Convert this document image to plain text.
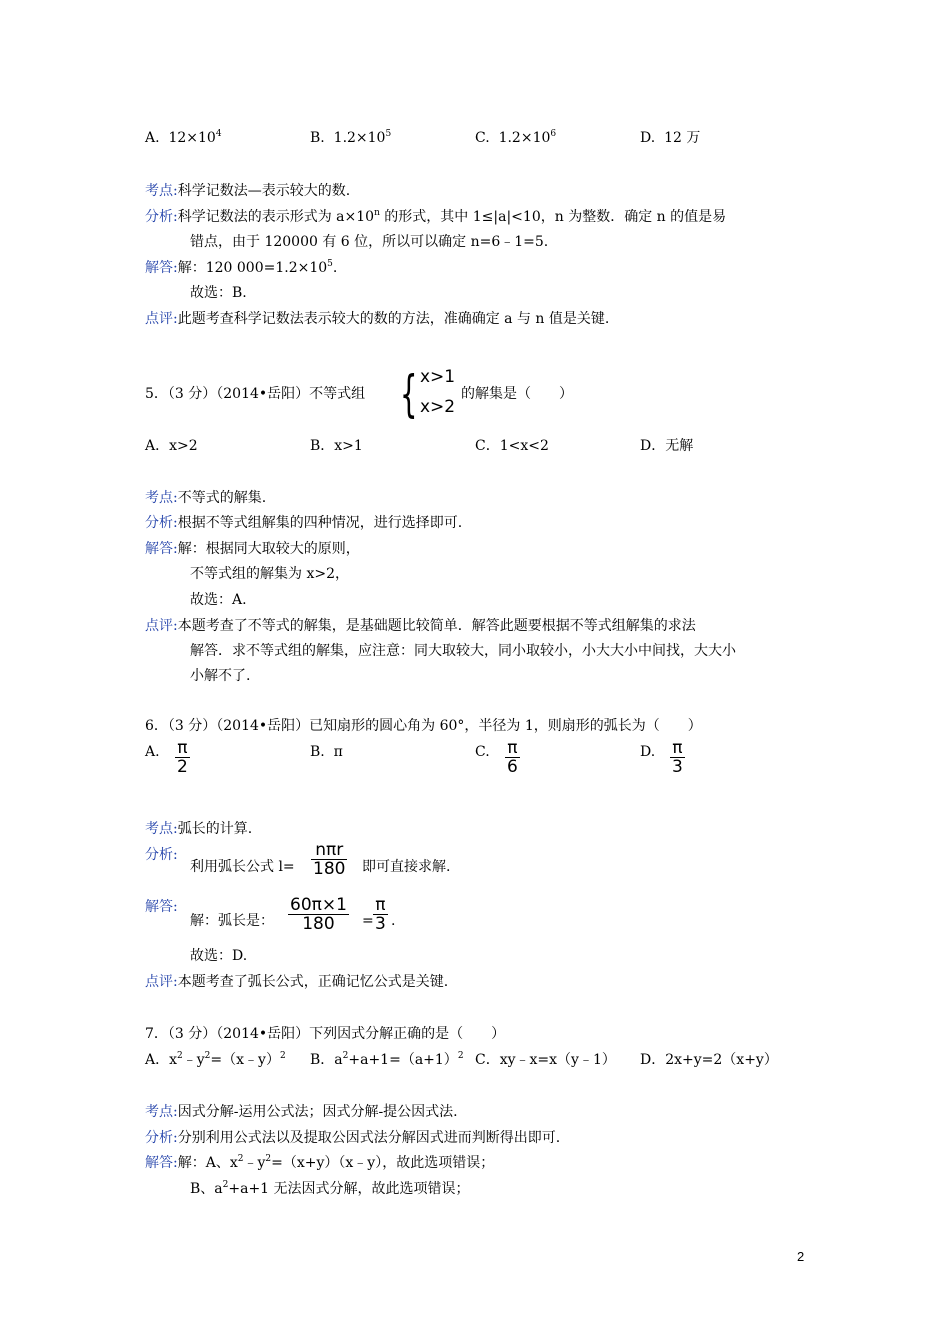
A. $12\times 10^4$	B. $1.2\times 10^5$	C. $1.2\times 10^6$	D. 12 万
考点:科学记数法—表示较大的数.
分析:科学记数法的表示形式为 $a\times 10^n$ 的形式，其中 1≤|a|<10，n 为整数．确定 n 的值是易
错点，由于 120000 有 6 位，所以可以确定 n=6﹣1=5.
解答:解：120 $000=1.2\times 10^5$.
故选：B.
点评:此题考查科学记数法表示较大的数的方法，准确确定 a 与 n 值是关键.
5．（3 分）（2014•岳阳）不等式组 { x>1
x>2
的解集是（　　）
A．x>2	B．x>1	C．1<x<2	D．无解
考点:不等式的解集.
分析:根据不等式组解集的四种情况，进行选择即可.
解答:解：根据同大取较大的原则，
不等式组的解集为 x>2，
故选：A.
点评:本题考查了不等式的解集，是基础题比较简单．解答此题要根据不等式组解集的求法
解答．求不等式组的解集，应注意：同大取较大，同小取较小，小大大小中间找，大大小
小解不了.
6．（3 分）（2014•岳阳）已知扇形的圆心角为 60°，半径为 1，则扇形的弧长为（　　）
A. $\frac{\pi}{2}$	B. π	C. $\frac{\pi}{6}$	D. $\frac{\pi}{3}$
考点:弧长的计算.
分析:
利用弧长公式 l=
nπr
180 即可直接求解.
解答:
解：弧长是： $\frac{60\pi\times 1}{180} = \frac{\pi}{3}$ .
故选：D.
点评:本题考查了弧长公式，正确记忆公式是关键.
7．（3 分）（2014•岳阳）下列因式分解正确的是（　　）
A．$x^2﹣y^2=(x﹣y)^2$ B．$a^2+a+1=(a+1)^2$ C．xy﹣x=x（y﹣1） D．2x+y=2（x+y）
考点:因式分解-运用公式法；因式分解-提公因式法.
分析:分别利用公式法以及提取公因式法分解因式进而判断得出即可.
解答:解：A、$x^2﹣y^2=(x+y)(x﹣y)$，故此选项错误；
B、$a^2+a+1$ 无法因式分解，故此选项错误；
2
